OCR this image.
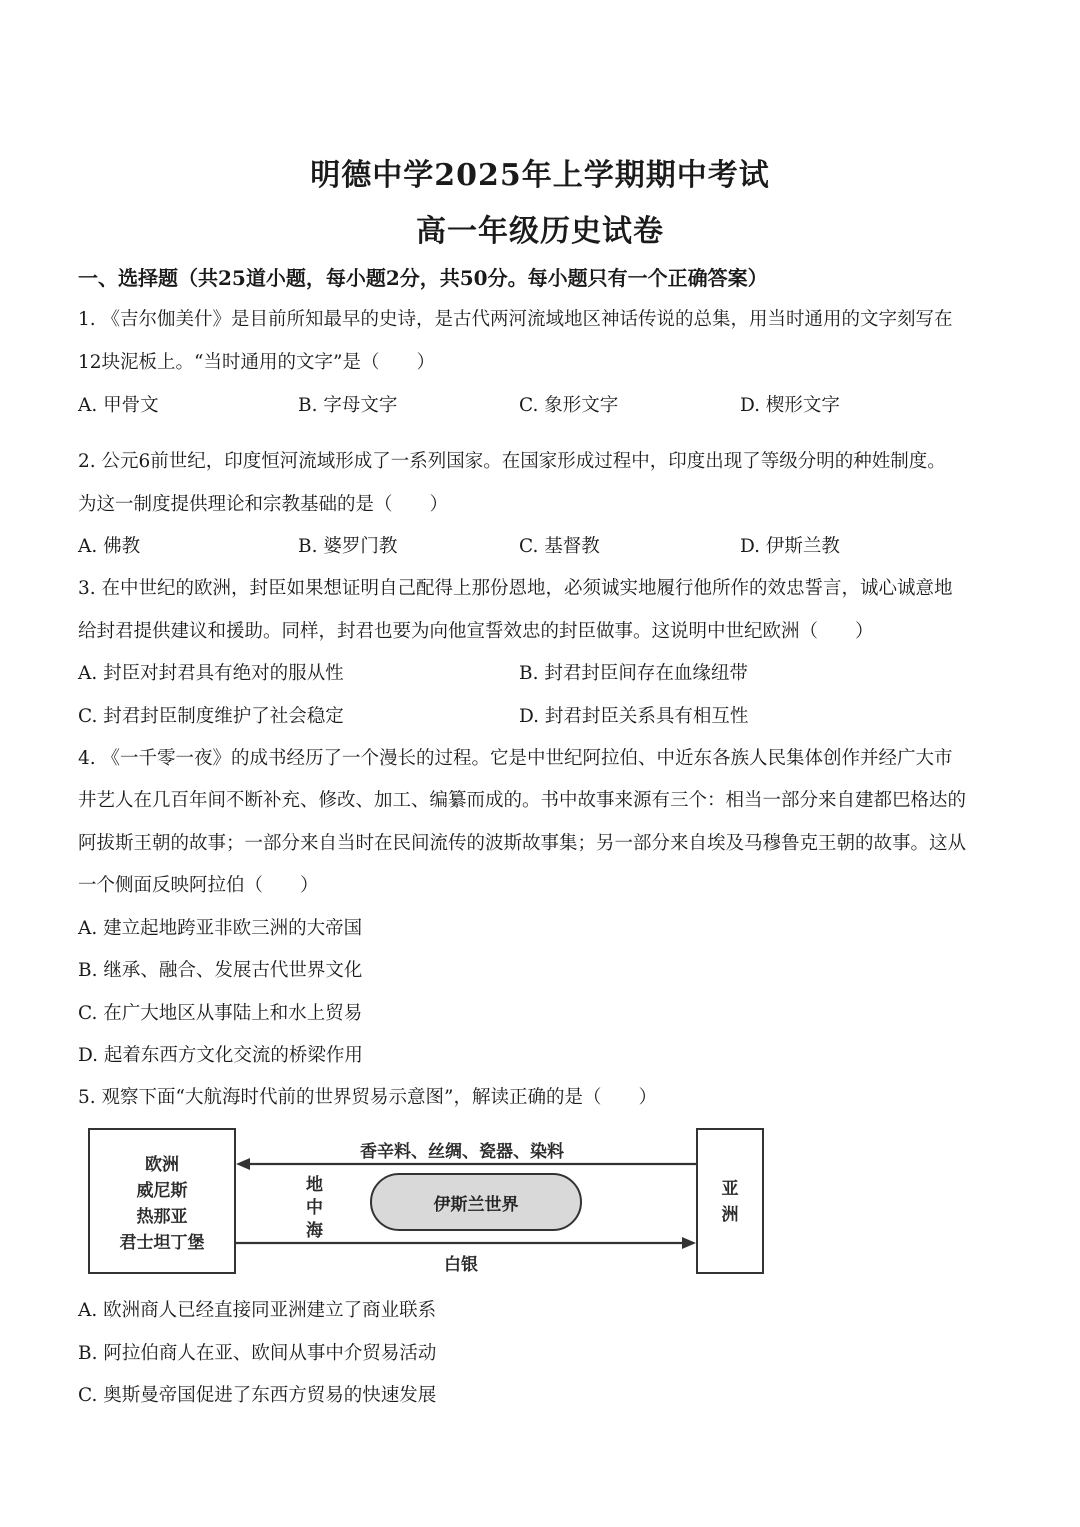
明德中学2025年上学期期中考试
高一年级历史试卷
一、选择题（共25道小题，每小题2分，共50分。每小题只有一个正确答案）
1. 《吉尔伽美什》是目前所知最早的史诗，是古代两河流域地区神话传说的总集，用当时通用的文字刻写在
12块泥板上。“当时通用的文字”是（　　）
A. 甲骨文	B. 字母文字	C. 象形文字	D. 楔形文字
2. 公元6前世纪，印度恒河流域形成了一系列国家。在国家形成过程中，印度出现了等级分明的种姓制度。
为这一制度提供理论和宗教基础的是（　　）
A. 佛教	B. 婆罗门教	C. 基督教	D. 伊斯兰教
3. 在中世纪的欧洲，封臣如果想证明自己配得上那份恩地，必须诚实地履行他所作的效忠誓言，诚心诚意地
给封君提供建议和援助。同样，封君也要为向他宣誓效忠的封臣做事。这说明中世纪欧洲（　　）
A. 封臣对封君具有绝对的服从性	B. 封君封臣间存在血缘纽带
C. 封君封臣制度维护了社会稳定	D. 封君封臣关系具有相互性
4. 《一千零一夜》的成书经历了一个漫长的过程。它是中世纪阿拉伯、中近东各族人民集体创作并经广大市
井艺人在几百年间不断补充、修改、加工、编纂而成的。书中故事来源有三个：相当一部分来自建都巴格达的
阿拔斯王朝的故事；一部分来自当时在民间流传的波斯故事集；另一部分来自埃及马穆鲁克王朝的故事。这从
一个侧面反映阿拉伯（　　）
A. 建立起地跨亚非欧三洲的大帝国
B. 继承、融合、发展古代世界文化
C. 在广大地区从事陆上和水上贸易
D. 起着东西方文化交流的桥梁作用
5. 观察下面“大航海时代前的世界贸易示意图”，解读正确的是（　　）
欧洲
威尼斯
热那亚
君士坦丁堡
亚
洲
香辛料、丝绸、瓷器、染料
白银
地
中
海
伊斯兰世界
A. 欧洲商人已经直接同亚洲建立了商业联系
B. 阿拉伯商人在亚、欧间从事中介贸易活动
C. 奥斯曼帝国促进了东西方贸易的快速发展
